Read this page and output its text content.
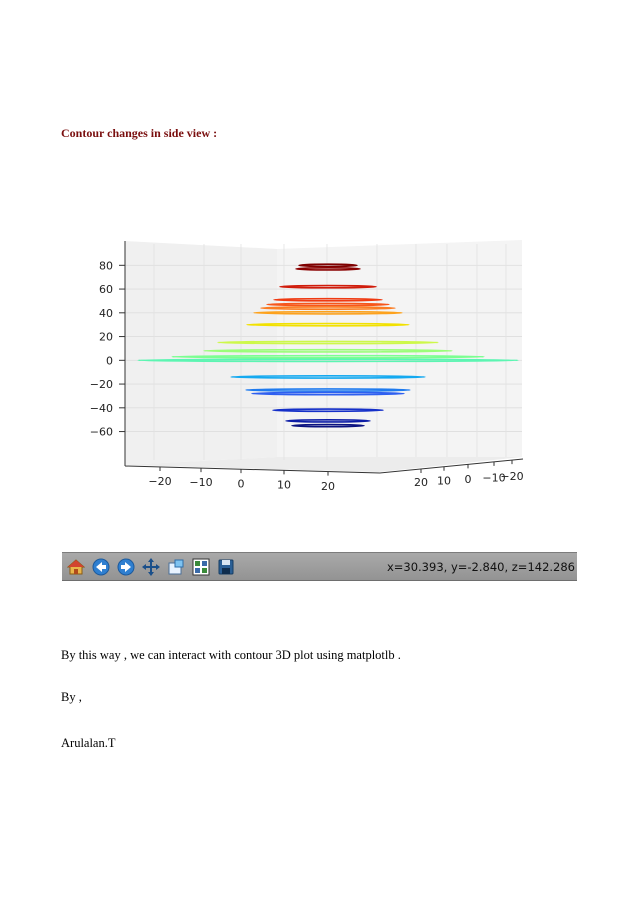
Contour changes in side view :
80
60
40
20
0
−20
−40
−60
−20 −10 0	10	20	20 10 0 −10
−20
x=30.393, y=-2.840, z=142.286
By this way , we can interact with contour 3D plot using matplotlb .
By ,
Arulalan.T
